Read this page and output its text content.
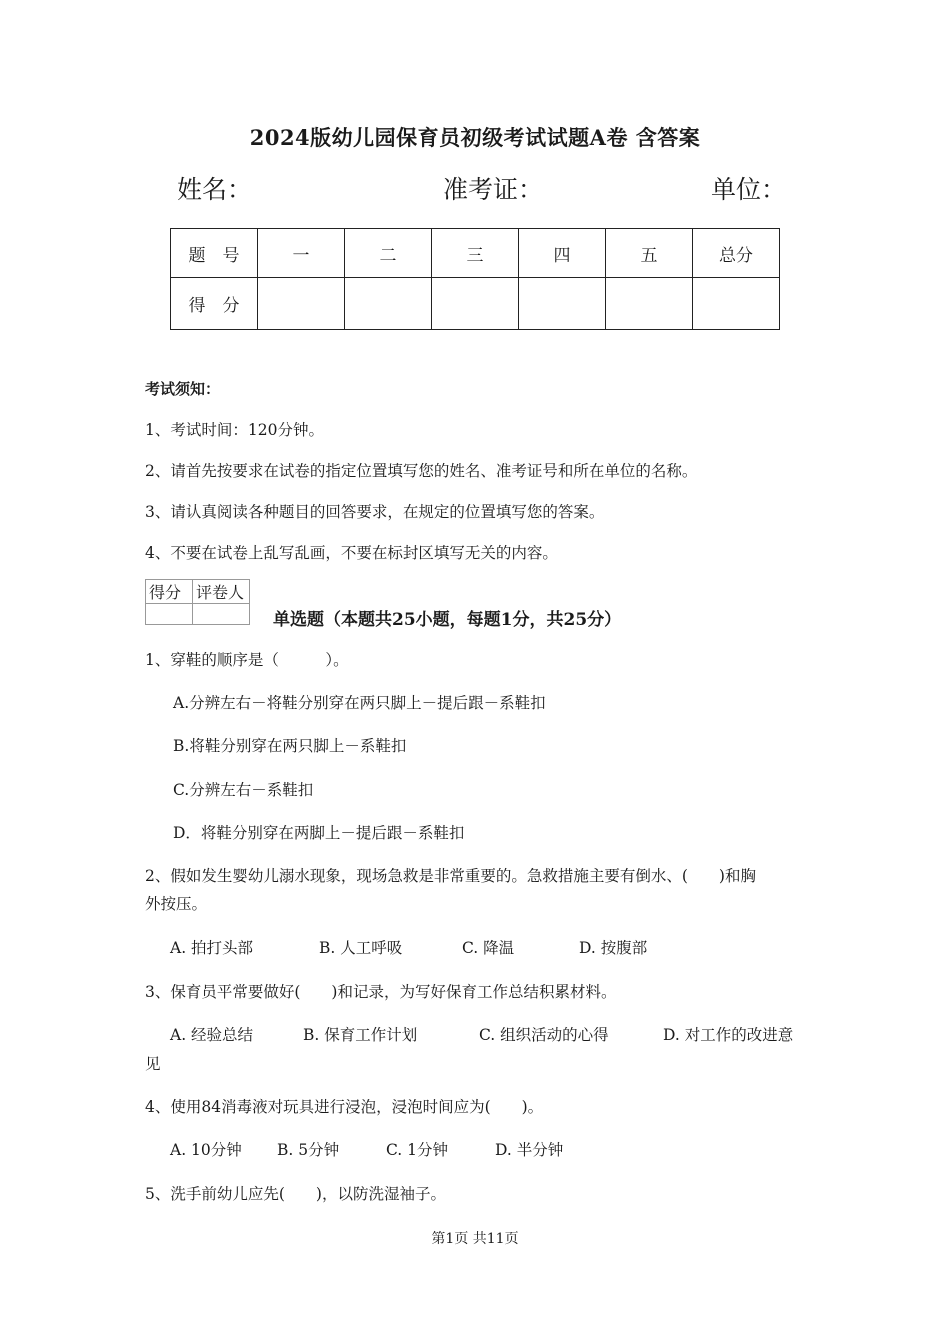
2024版幼儿园保育员初级考试试题A卷 含答案
姓名：	准考证：	单位：
题　号	一	二	三	四	五	总分
得　分						
考试须知：
1、考试时间：120分钟。
2、请首先按要求在试卷的指定位置填写您的姓名、准考证号和所在单位的名称。
3、请认真阅读各种题目的回答要求，在规定的位置填写您的答案。
4、不要在试卷上乱写乱画，不要在标封区填写无关的内容。
得分	评卷人

单选题（本题共25小题，每题1分，共25分）
1、穿鞋的顺序是（　　　）。
A.分辨左右－将鞋分别穿在两只脚上－提后跟－系鞋扣
B.将鞋分别穿在两只脚上－系鞋扣
C.分辨左右－系鞋扣
D．将鞋分别穿在两脚上－提后跟－系鞋扣
2、假如发生婴幼儿溺水现象，现场急救是非常重要的。急救措施主要有倒水、(　　)和胸
外按压。
A. 拍打头部	B. 人工呼吸	C. 降温	D. 按腹部
3、保育员平常要做好(　　)和记录，为写好保育工作总结积累材料。
A. 经验总结	B. 保育工作计划	C. 组织活动的心得	D. 对工作的改进意
见
4、使用84消毒液对玩具进行浸泡，浸泡时间应为(　　)。
A. 10分钟 B. 5分钟	C. 1分钟	D. 半分钟
5、洗手前幼儿应先(　　)，以防洗湿袖子。
第1页 共11页
